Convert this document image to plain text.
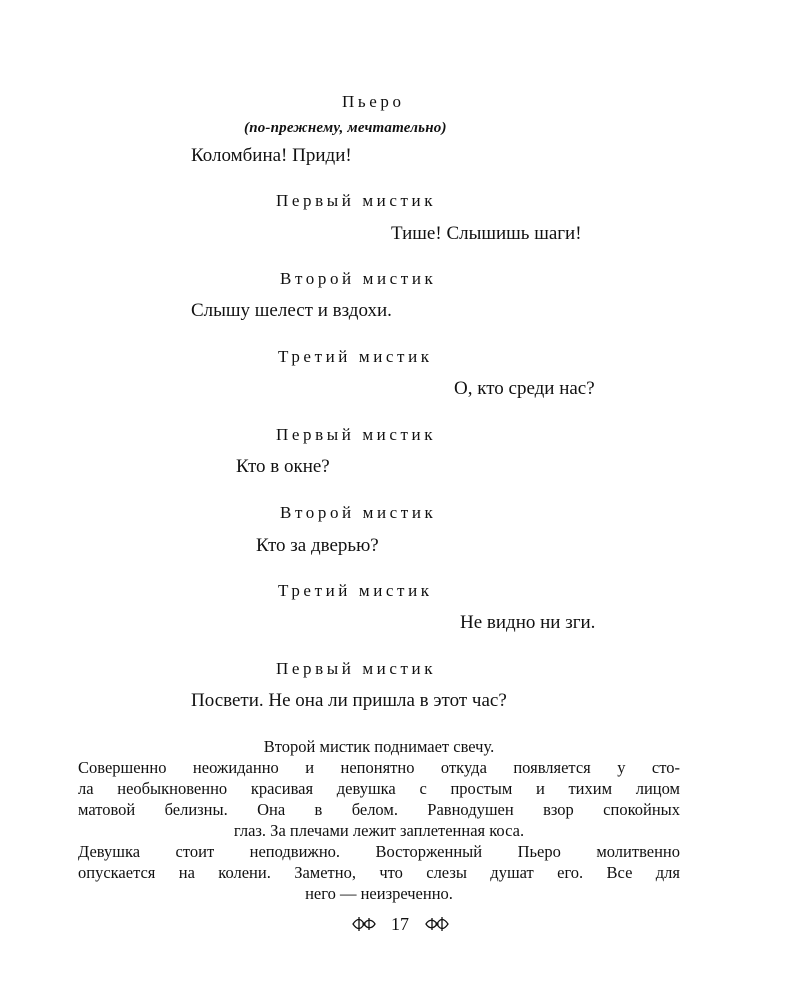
Пьеро
(по-прежнему, мечтательно)
Коломбина! Приди!
Первый мистик
Тише! Слышишь шаги!
Второй мистик
Слышу шелест и вздохи.
Третий мистик
О, кто среди нас?
Первый мистик
Кто в окне?
Второй мистик
Кто за дверью?
Третий мистик
Не видно ни зги.
Первый мистик
Посвети. Не она ли пришла в этот час?
Второй мистик поднимает свечу.
Совершенно неожиданно и непонятно откуда появляется у сто-
ла необыкновенно красивая девушка с простым и тихим лицом
матовой белизны. Она в белом. Равнодушен взор спокойных
глаз. За плечами лежит заплетенная коса.
Девушка стоит неподвижно. Восторженный Пьеро молитвенно
опускается на колени. Заметно, что слезы душат его. Все для
него — неизреченно.
17
